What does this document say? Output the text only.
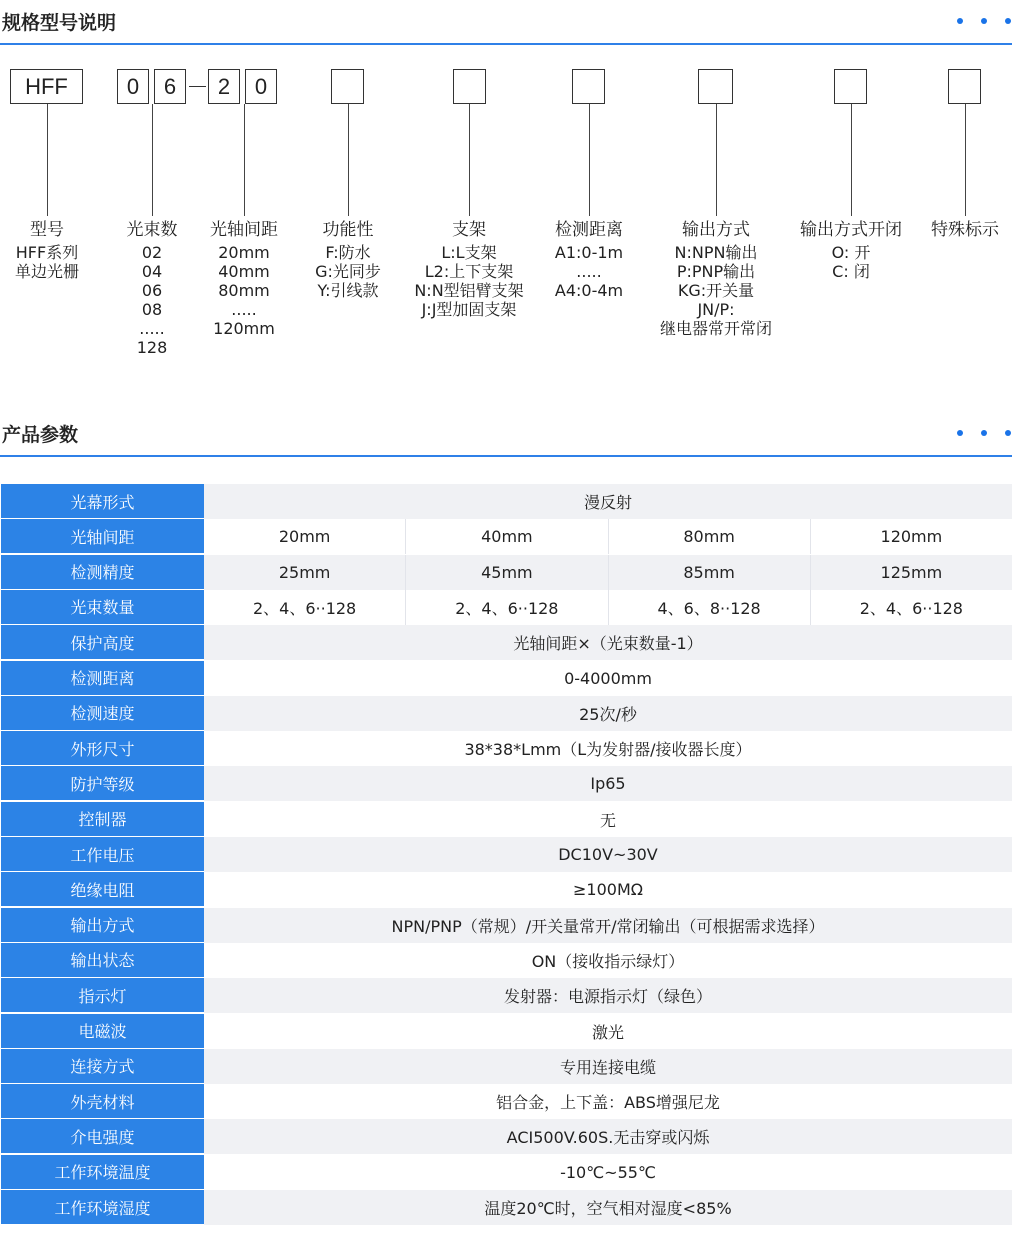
规格型号说明
HFF	0	6	2	0
型号
HFF系列
单边光栅
光束数
02
04
06
08
.....
128
光轴间距
20mm
40mm
80mm
.....
120mm
功能性
F:防水
G:光同步
Y:引线款
支架
L:L支架
L2:上下支架
N:N型铝臂支架
J:J型加固支架
检测距离
A1:0-1m
.....
A4:0-4m
输出方式
N:NPN输出
P:PNP输出
KG:开关量
JN/P:
继电器常开常闭
输出方式开闭
O: 开
C: 闭
特殊标示
产品参数
光幕形式	漫反射
光轴间距	20mm	40mm	80mm	120mm
检测精度	25mm	45mm	85mm	125mm
光束数量	2、4、6··128	2、4、6··128	4、6、8··128	2、4、6··128
保护高度	光轴间距×（光束数量-1）
检测距离	0-4000mm
检测速度	25次/秒
外形尺寸	38*38*Lmm（L为发射器/接收器长度）
防护等级	Ip65
控制器	无
工作电压	DC10V~30V
绝缘电阻	≥100MΩ
输出方式	NPN/PNP（常规）/开关量常开/常闭输出（可根据需求选择）
输出状态	ON（接收指示绿灯）
指示灯	发射器：电源指示灯（绿色）
电磁波	激光
连接方式	专用连接电缆
外壳材料	铝合金，上下盖：ABS增强尼龙
介电强度	ACI500V.60S.无击穿或闪烁
工作环境温度	-10℃~55℃
工作环境湿度	温度20℃时，空气相对湿度<85%
